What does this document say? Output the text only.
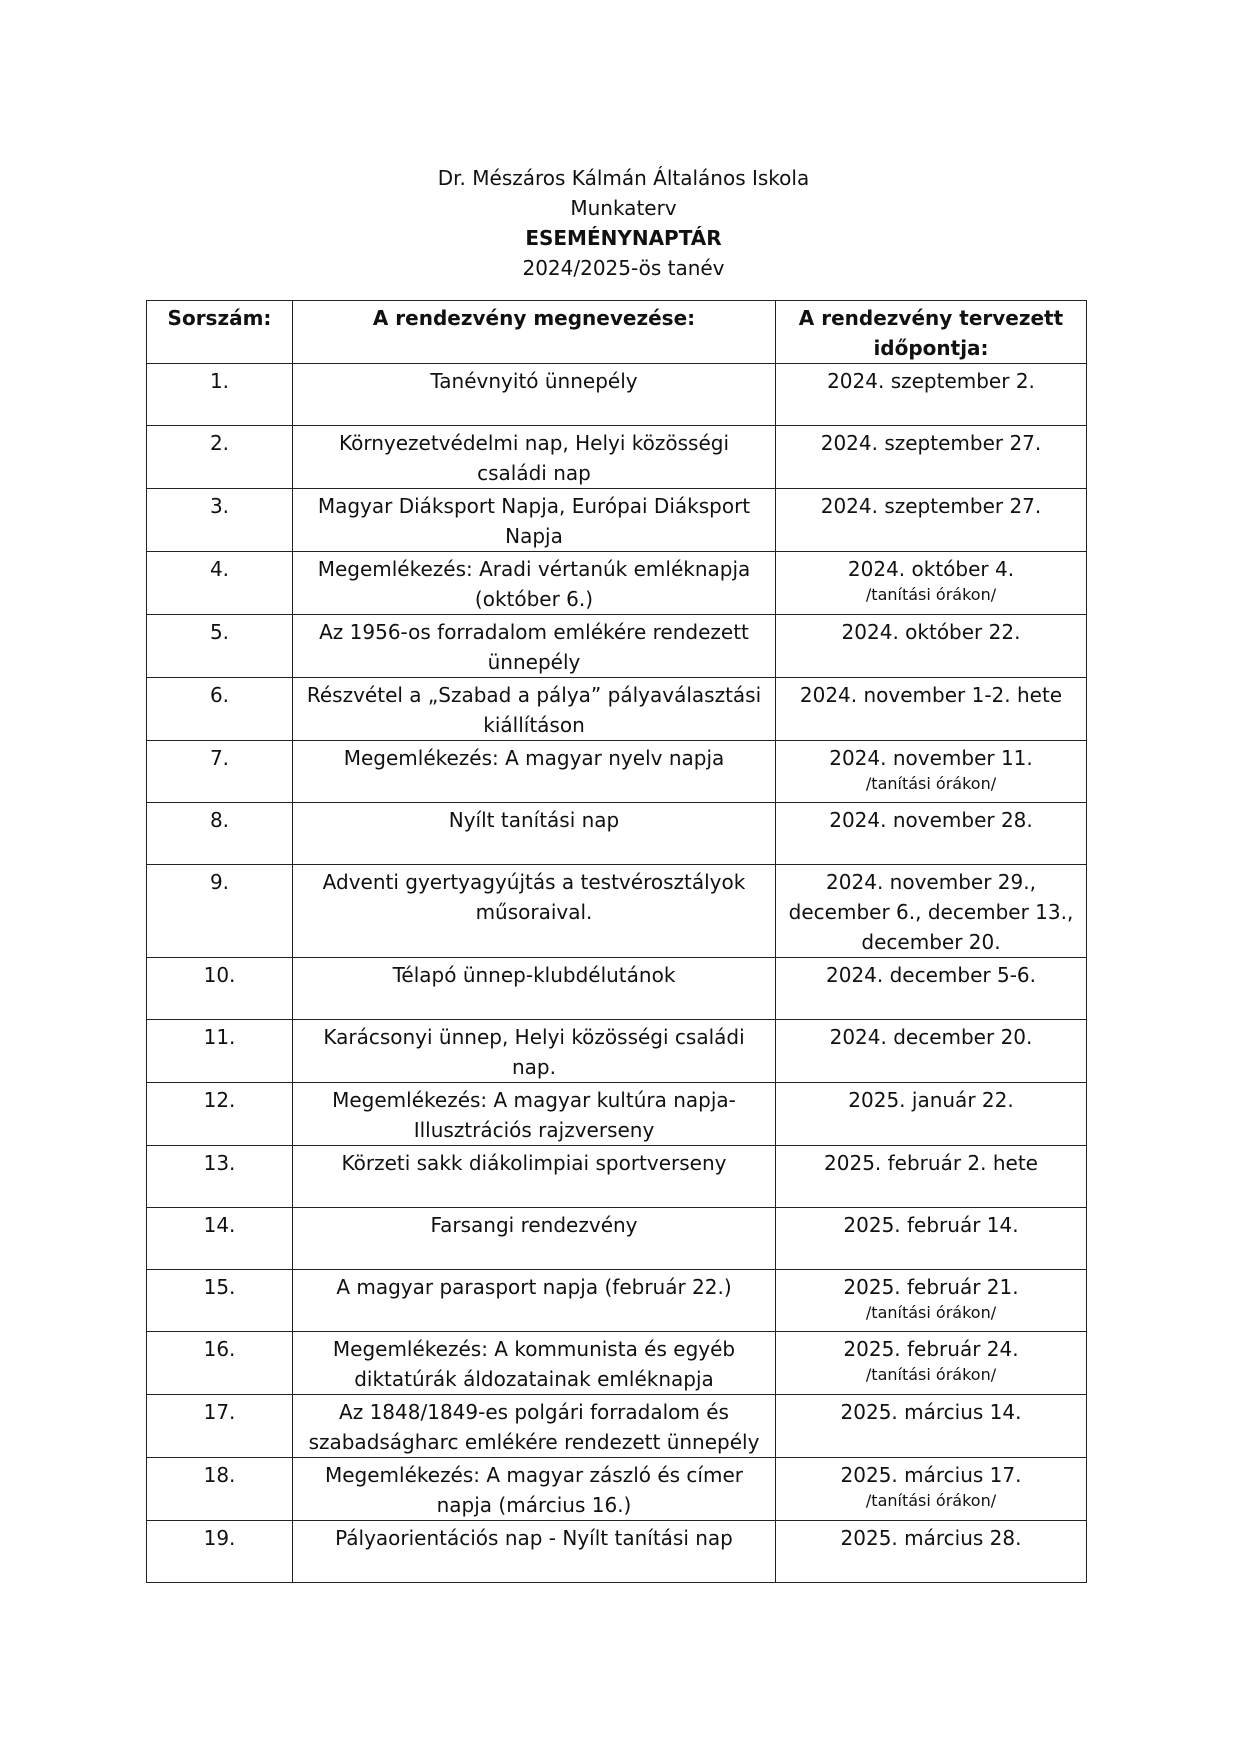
Dr. Mészáros Kálmán Általános Iskola
Munkaterv
ESEMÉNYNAPTÁR
2024/2025-ös tanév
Sorszám:	A rendezvény megnevezése:	A rendezvény tervezett időpontja:
1.	Tanévnyitó ünnepély	2024. szeptember 2.

2.	Környezetvédelmi nap, Helyi közösségi családi nap	2024. szeptember 27.

3.	Magyar Diáksport Napja, Európai Diáksport Napja	2024. szeptember 27.

4.	Megemlékezés: Aradi vértanúk emléknapja (október 6.)	2024. október 4.
/tanítási órákon/

5.	Az 1956-os forradalom emlékére rendezett ünnepély	2024. október 22.

6.	Részvétel a „Szabad a pálya” pályaválasztási kiállításon	2024. november 1-2. hete

7.	Megemlékezés: A magyar nyelv napja	2024. november 11.
/tanítási órákon/

8.	Nyílt tanítási nap	2024. november 28.

9.	Adventi gyertyagyújtás a testvérosztályok műsoraival.	2024. november 29., december 6., december 13., december 20.

10.	Télapó ünnep-klubdélutánok	2024. december 5-6.

11.	Karácsonyi ünnep, Helyi közösségi családi nap.	2024. december 20.

12.	Megemlékezés: A magyar kultúra napja- Illusztrációs rajzverseny	2025. január 22.

13.	Körzeti sakk diákolimpiai sportverseny	2025. február 2. hete

14.	Farsangi rendezvény	2025. február 14.

15.	A magyar parasport napja (február 22.)	2025. február 21.
/tanítási órákon/

16.	Megemlékezés: A kommunista és egyéb diktatúrák áldozatainak emléknapja	2025. február 24.
/tanítási órákon/

17.	Az 1848/1849-es polgári forradalom és szabadságharc emlékére rendezett ünnepély	2025. március 14.

18.	Megemlékezés: A magyar zászló és címer napja (március 16.)	2025. március 17.
/tanítási órákon/

19.	Pályaorientációs nap - Nyílt tanítási nap	2025. március 28.
